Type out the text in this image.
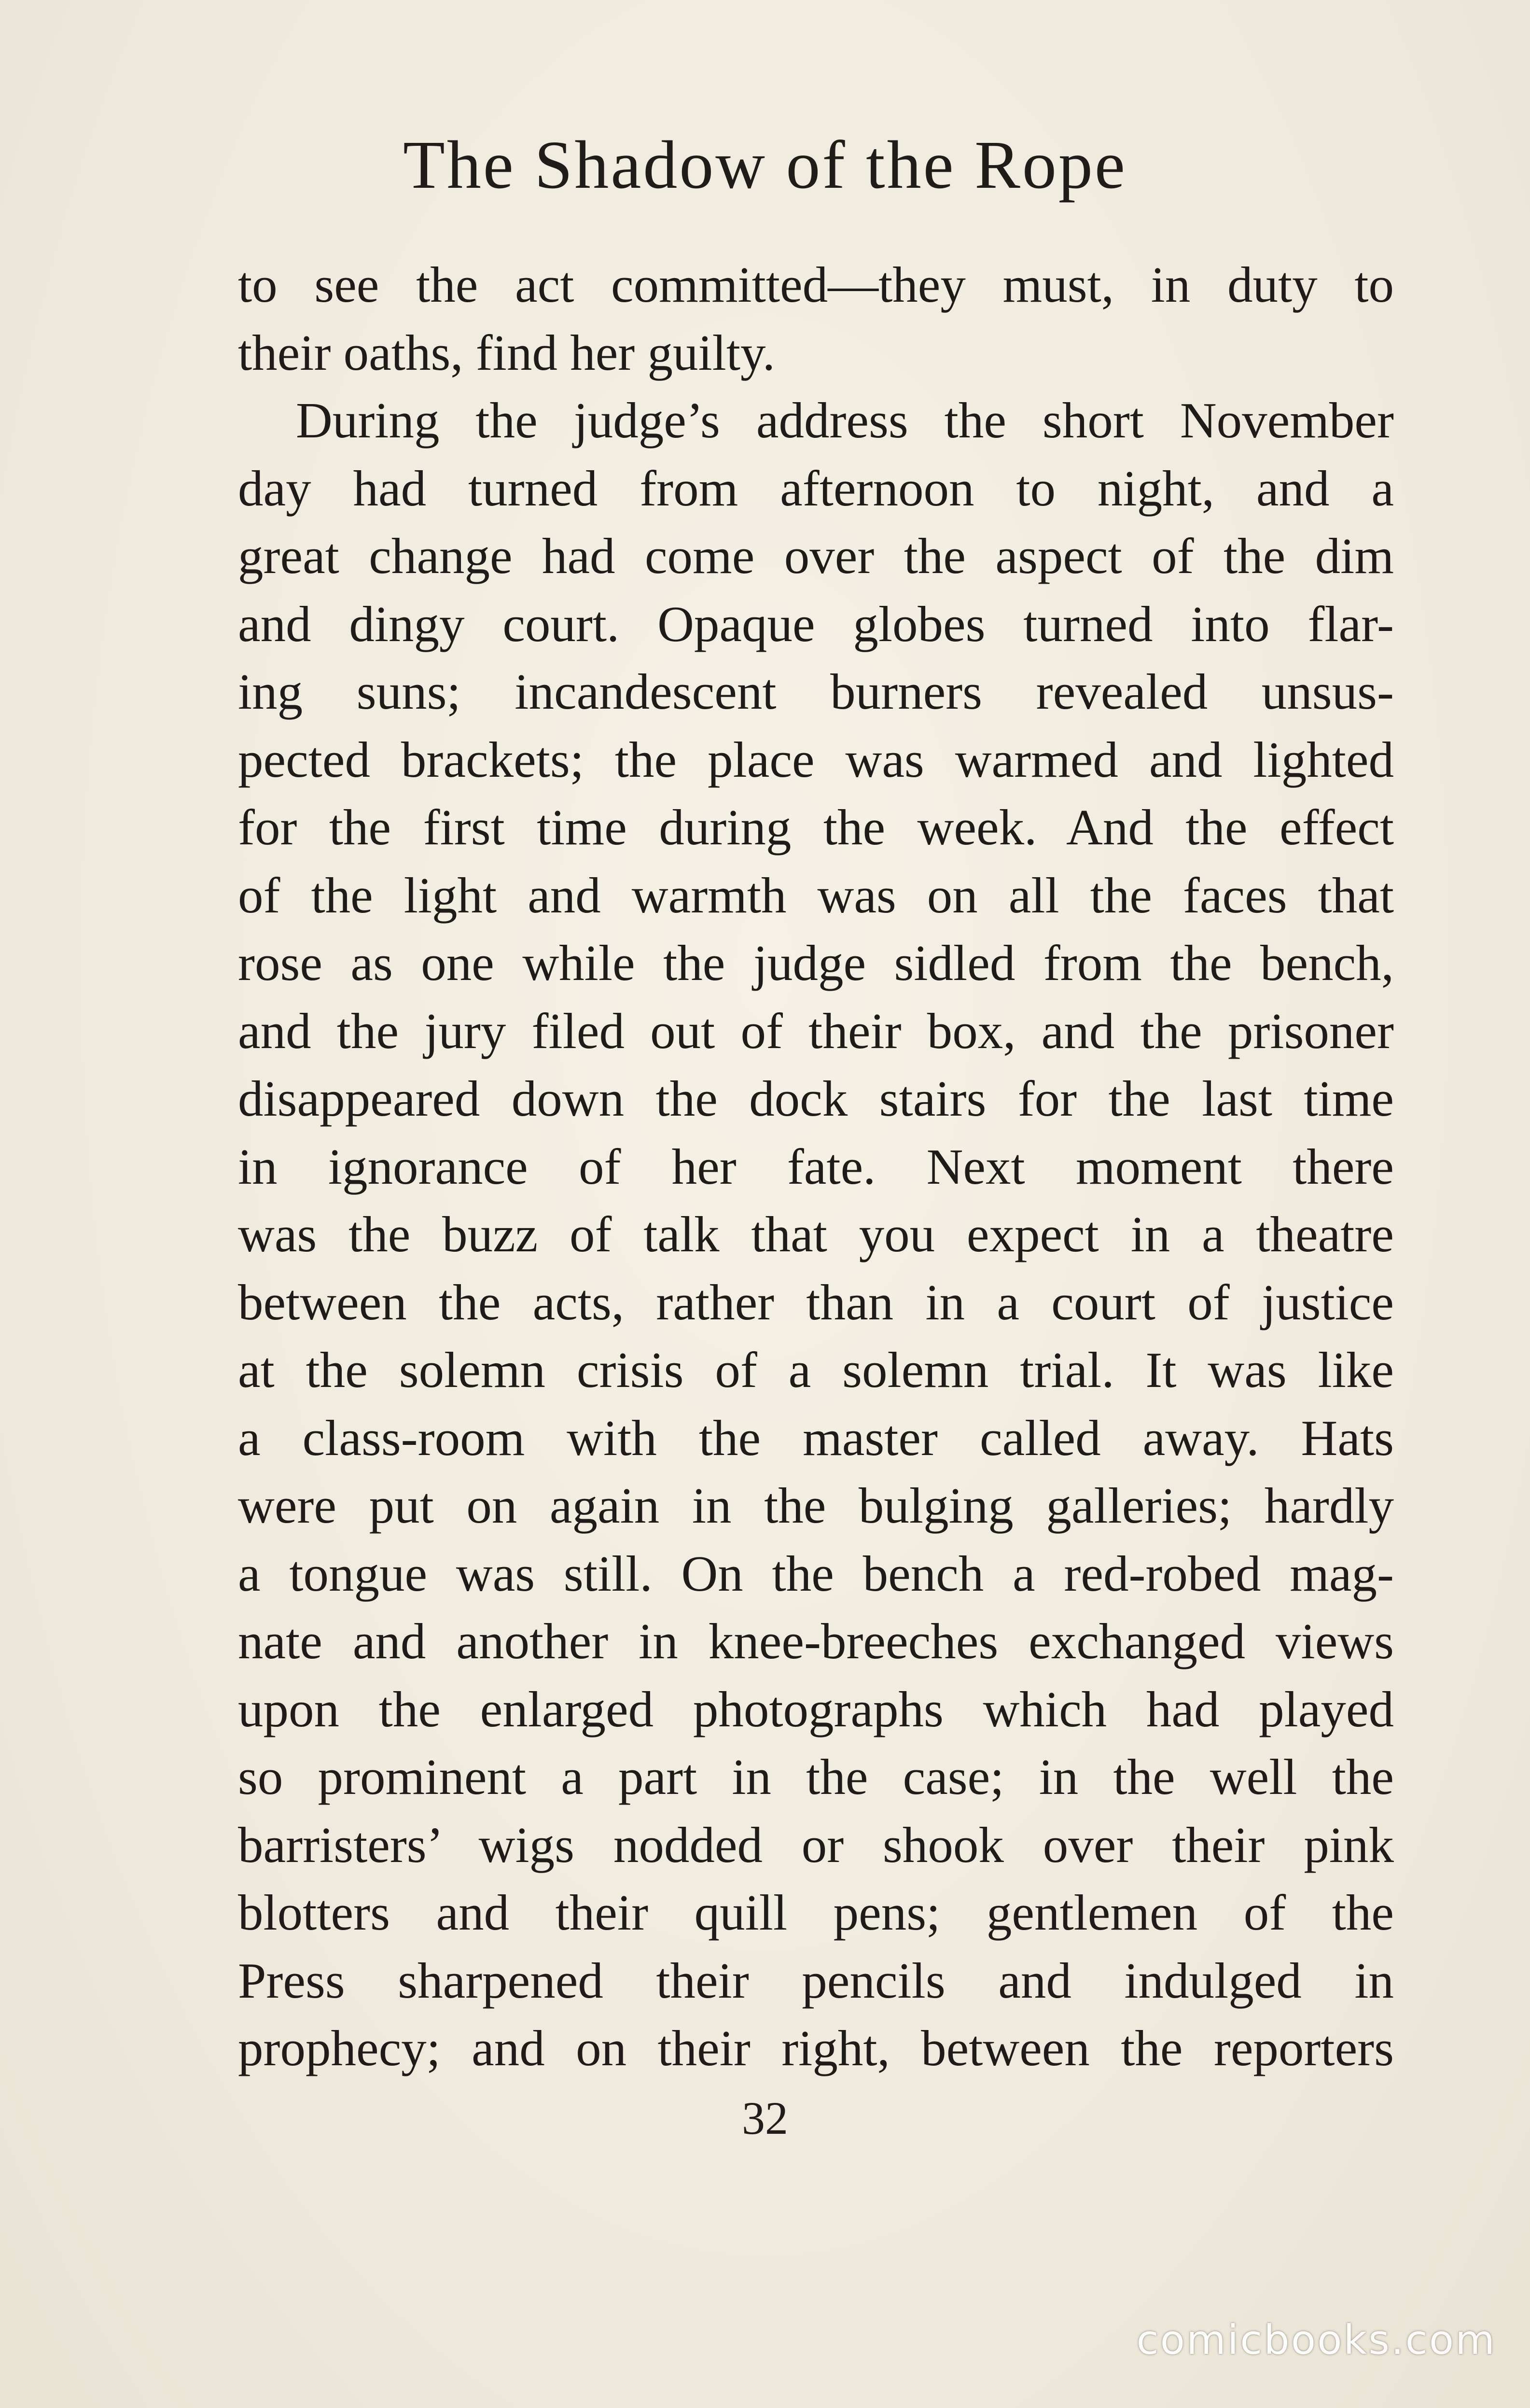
The Shadow of the Rope
to see the act committed—they must, in duty to
their oaths, find her guilty.
During the judge’s address the short November
day had turned from afternoon to night, and a
great change had come over the aspect of the dim
and dingy court. Opaque globes turned into flar-
ing suns; incandescent burners revealed unsus-
pected brackets; the place was warmed and lighted
for the first time during the week. And the effect
of the light and warmth was on all the faces that
rose as one while the judge sidled from the bench,
and the jury filed out of their box, and the prisoner
disappeared down the dock stairs for the last time
in ignorance of her fate. Next moment there
was the buzz of talk that you expect in a theatre
between the acts, rather than in a court of justice
at the solemn crisis of a solemn trial. It was like
a class-room with the master called away. Hats
were put on again in the bulging galleries; hardly
a tongue was still. On the bench a red-robed mag-
nate and another in knee-breeches exchanged views
upon the enlarged photographs which had played
so prominent a part in the case; in the well the
barristers’ wigs nodded or shook over their pink
blotters and their quill pens; gentlemen of the
Press sharpened their pencils and indulged in
prophecy; and on their right, between the reporters
32
comicbooks.com
